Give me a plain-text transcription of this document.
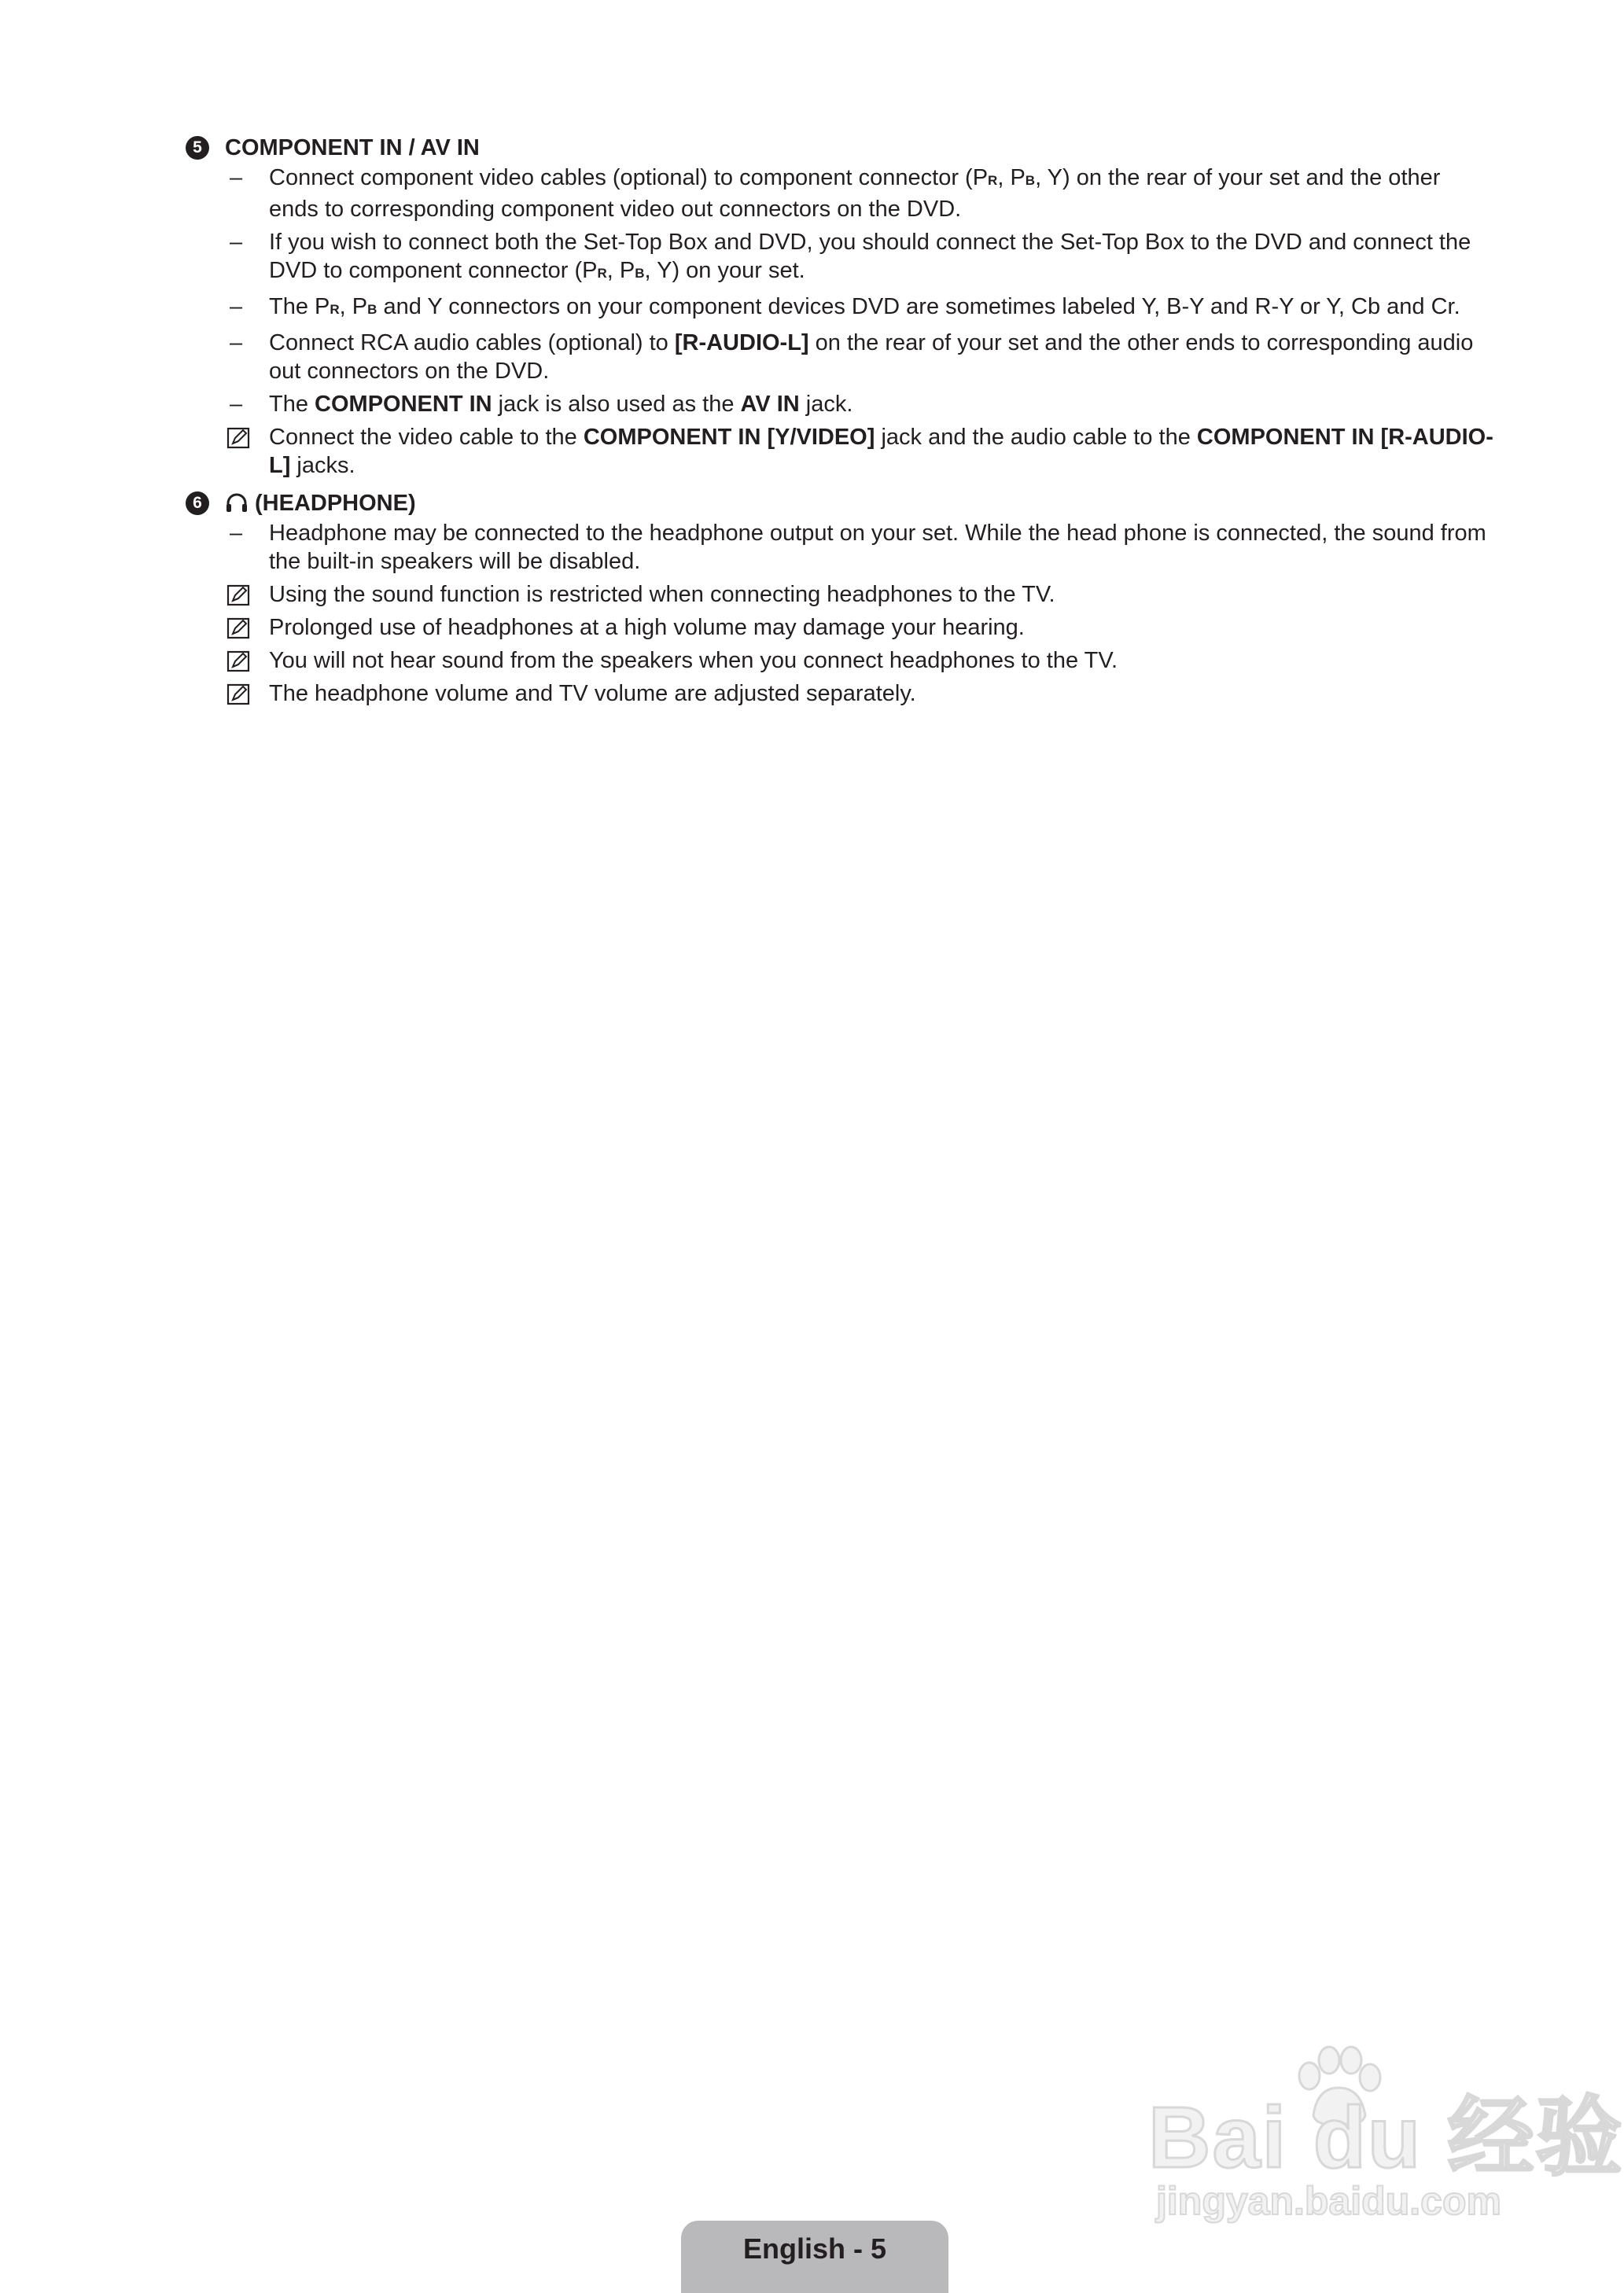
5	COMPONENT IN / AV IN
–	Connect component video cables (optional) to component connector (PR, PB, Y) on the rear of your set and the other ends to corresponding component video out connectors on the DVD.
–	If you wish to connect both the Set-Top Box and DVD, you should connect the Set-Top Box to the DVD and connect the DVD to component connector (PR, PB, Y) on your set.
–	The PR, PB and Y connectors on your component devices DVD are sometimes labeled Y, B-Y and R-Y or Y, Cb and Cr.
–	Connect RCA audio cables (optional) to [R-AUDIO-L] on the rear of your set and the other ends to corresponding audio out connectors on the DVD.
–	The COMPONENT IN jack is also used as the AV IN jack.
Connect the video cable to the COMPONENT IN [Y/VIDEO] jack and the audio cable to the COMPONENT IN [R-AUDIO-L] jacks.
6	(HEADPHONE)
–	Headphone may be connected to the headphone output on your set. While the head phone is connected, the sound from the built-in speakers will be disabled.
Using the sound function is restricted when connecting headphones to the TV.
Prolonged use of headphones at a high volume may damage your hearing.
You will not hear sound from the speakers when you connect headphones to the TV.
The headphone volume and TV volume are adjusted separately.
Bai du 经验
jingyan.baidu.com
English - 5
